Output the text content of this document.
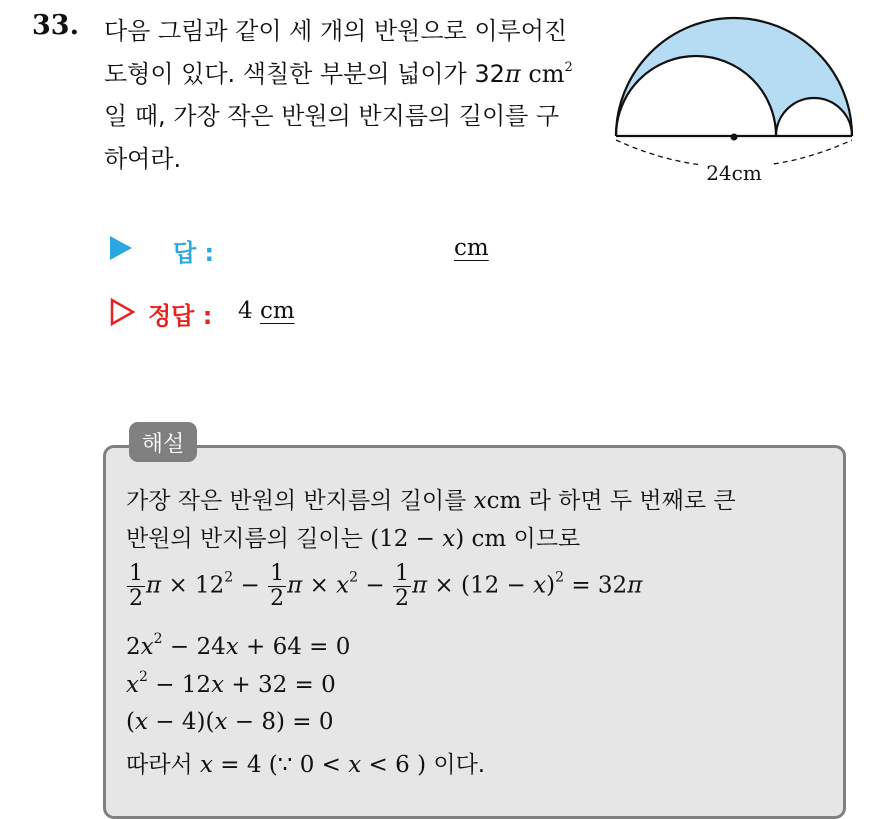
33. 다음 그림과 같이 세 개의 반원으로 이루어진
도형이 있다. 색칠한 부분의 넓이가 32π $cm^2$
일 때, 가장 작은 반원의 반지름의 길이를 구
하여라.
24cm
답 :	cm
정답 : 4 cm
해설
가장 작은 반원의 반지름의 길이를 xcm 라 하면 두 번째로 큰
반원의 반지름의 길이는 (12 − x) cm 이므로
$\frac{1}{2}$ $\pi \times 12^2 - \frac{1}{2}$ $\pi \times x^2 - \frac{1}{2}$ $\pi \times (12 - x)^2 = 32\pi$
$2x^2 - 24x + 64 = 0$
$x^2 - 12x + 32 = 0$
(x − 4)(x − 8) = 0
따라서 x = 4 (∵ 0 < x < 6 ) 이다.
